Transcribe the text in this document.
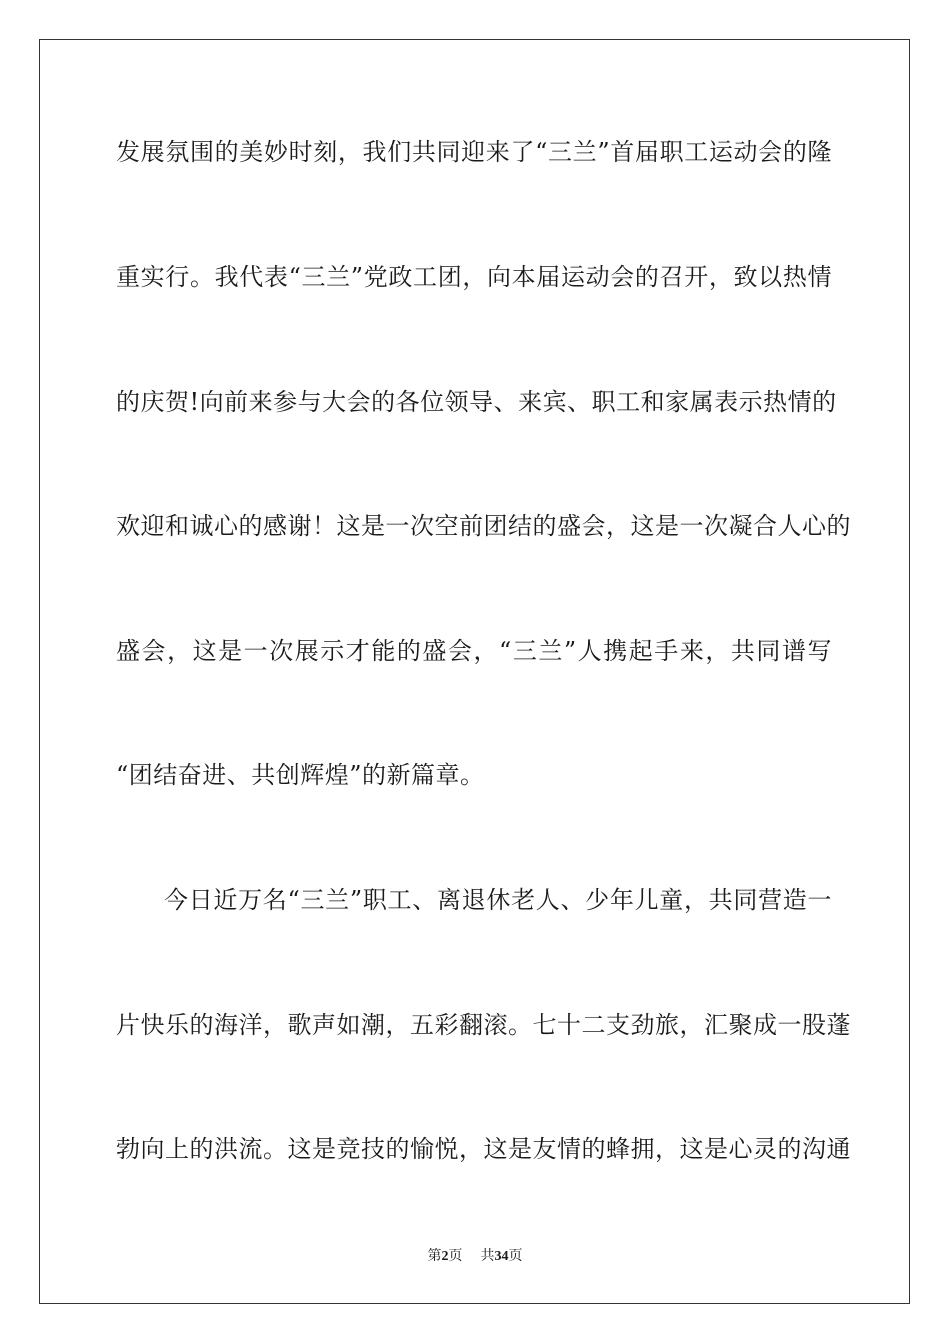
发展氛围的美妙时刻，我们共同迎来了“三兰”首届职工运动会的隆
重实行。我代表“三兰”党政工团，向本届运动会的召开，致以热情
的庆贺!向前来参与大会的各位领导、来宾、职工和家属表示热情的
欢迎和诚心的感谢！这是一次空前团结的盛会，这是一次凝合人心的
盛会，这是一次展示才能的盛会，“三兰”人携起手来，共同谱写
“团结奋进、共创辉煌”的新篇章。
今日近万名“三兰”职工、离退休老人、少年儿童，共同营造一
片快乐的海洋，歌声如潮，五彩翻滚。七十二支劲旅，汇聚成一股蓬
勃向上的洪流。这是竞技的愉悦，这是友情的蜂拥，这是心灵的沟通
第2页 共34页
